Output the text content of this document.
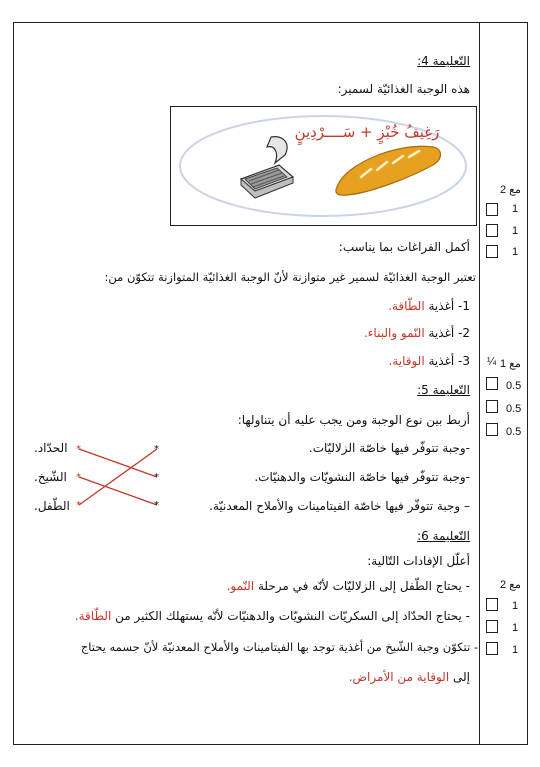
التّعليمة 4:
هذه الوجبة الغذائيّة لسمير:
رَغِيفُ خُبْزٍ + سَــــرْدِينٍ
أكمل الفراغات بما يناسب:
تعتبر الوجبة الغذائيّة لسمير غير متوازنة لأنّ الوجبة الغذائيّة المتوازنة تتكوّن من:
1- أغذية الطّاقة.
2- أغذية النّمو والبناء.
3- أغذية الوقاية.
التّعليمة 5:
أربط بين نوع الوجبة ومن يجب عليه أن يتناولها:
-وجبة تتوفّر فيها خاصّة الزلاليّات.
-وجبة تتوفّر فيها خاصّة النشويّات والدهنيّات.
– وجبة تتوفّر فيها خاصّة الفيتامينات والأملاح المعدنيّة.
الحدّاد.
الشّيخ.
الطّفل.
*
*
*
*
*
*
التّعليمة 6:
أعلّل الإفادات التّالية:
- يحتاج الطّفل إلى الزلاليّات لأنّه في مرحلة النّمو.
- يحتاج الحدّاد إلى السكريّات النشويّات والدهنيّات لأنّه يستهلك الكثير من الطّاقة.
- تتكوّن وجبة الشّيخ من أغذية توجد بها الفيتامينات والأملاح المعدنيّة لأنّ جسمه يحتاج
إلى الوقاية من الأمراض.
مع 2
1
1
1
¼ مع 1
0.5
0.5
0.5
مع 2
1
1
1
